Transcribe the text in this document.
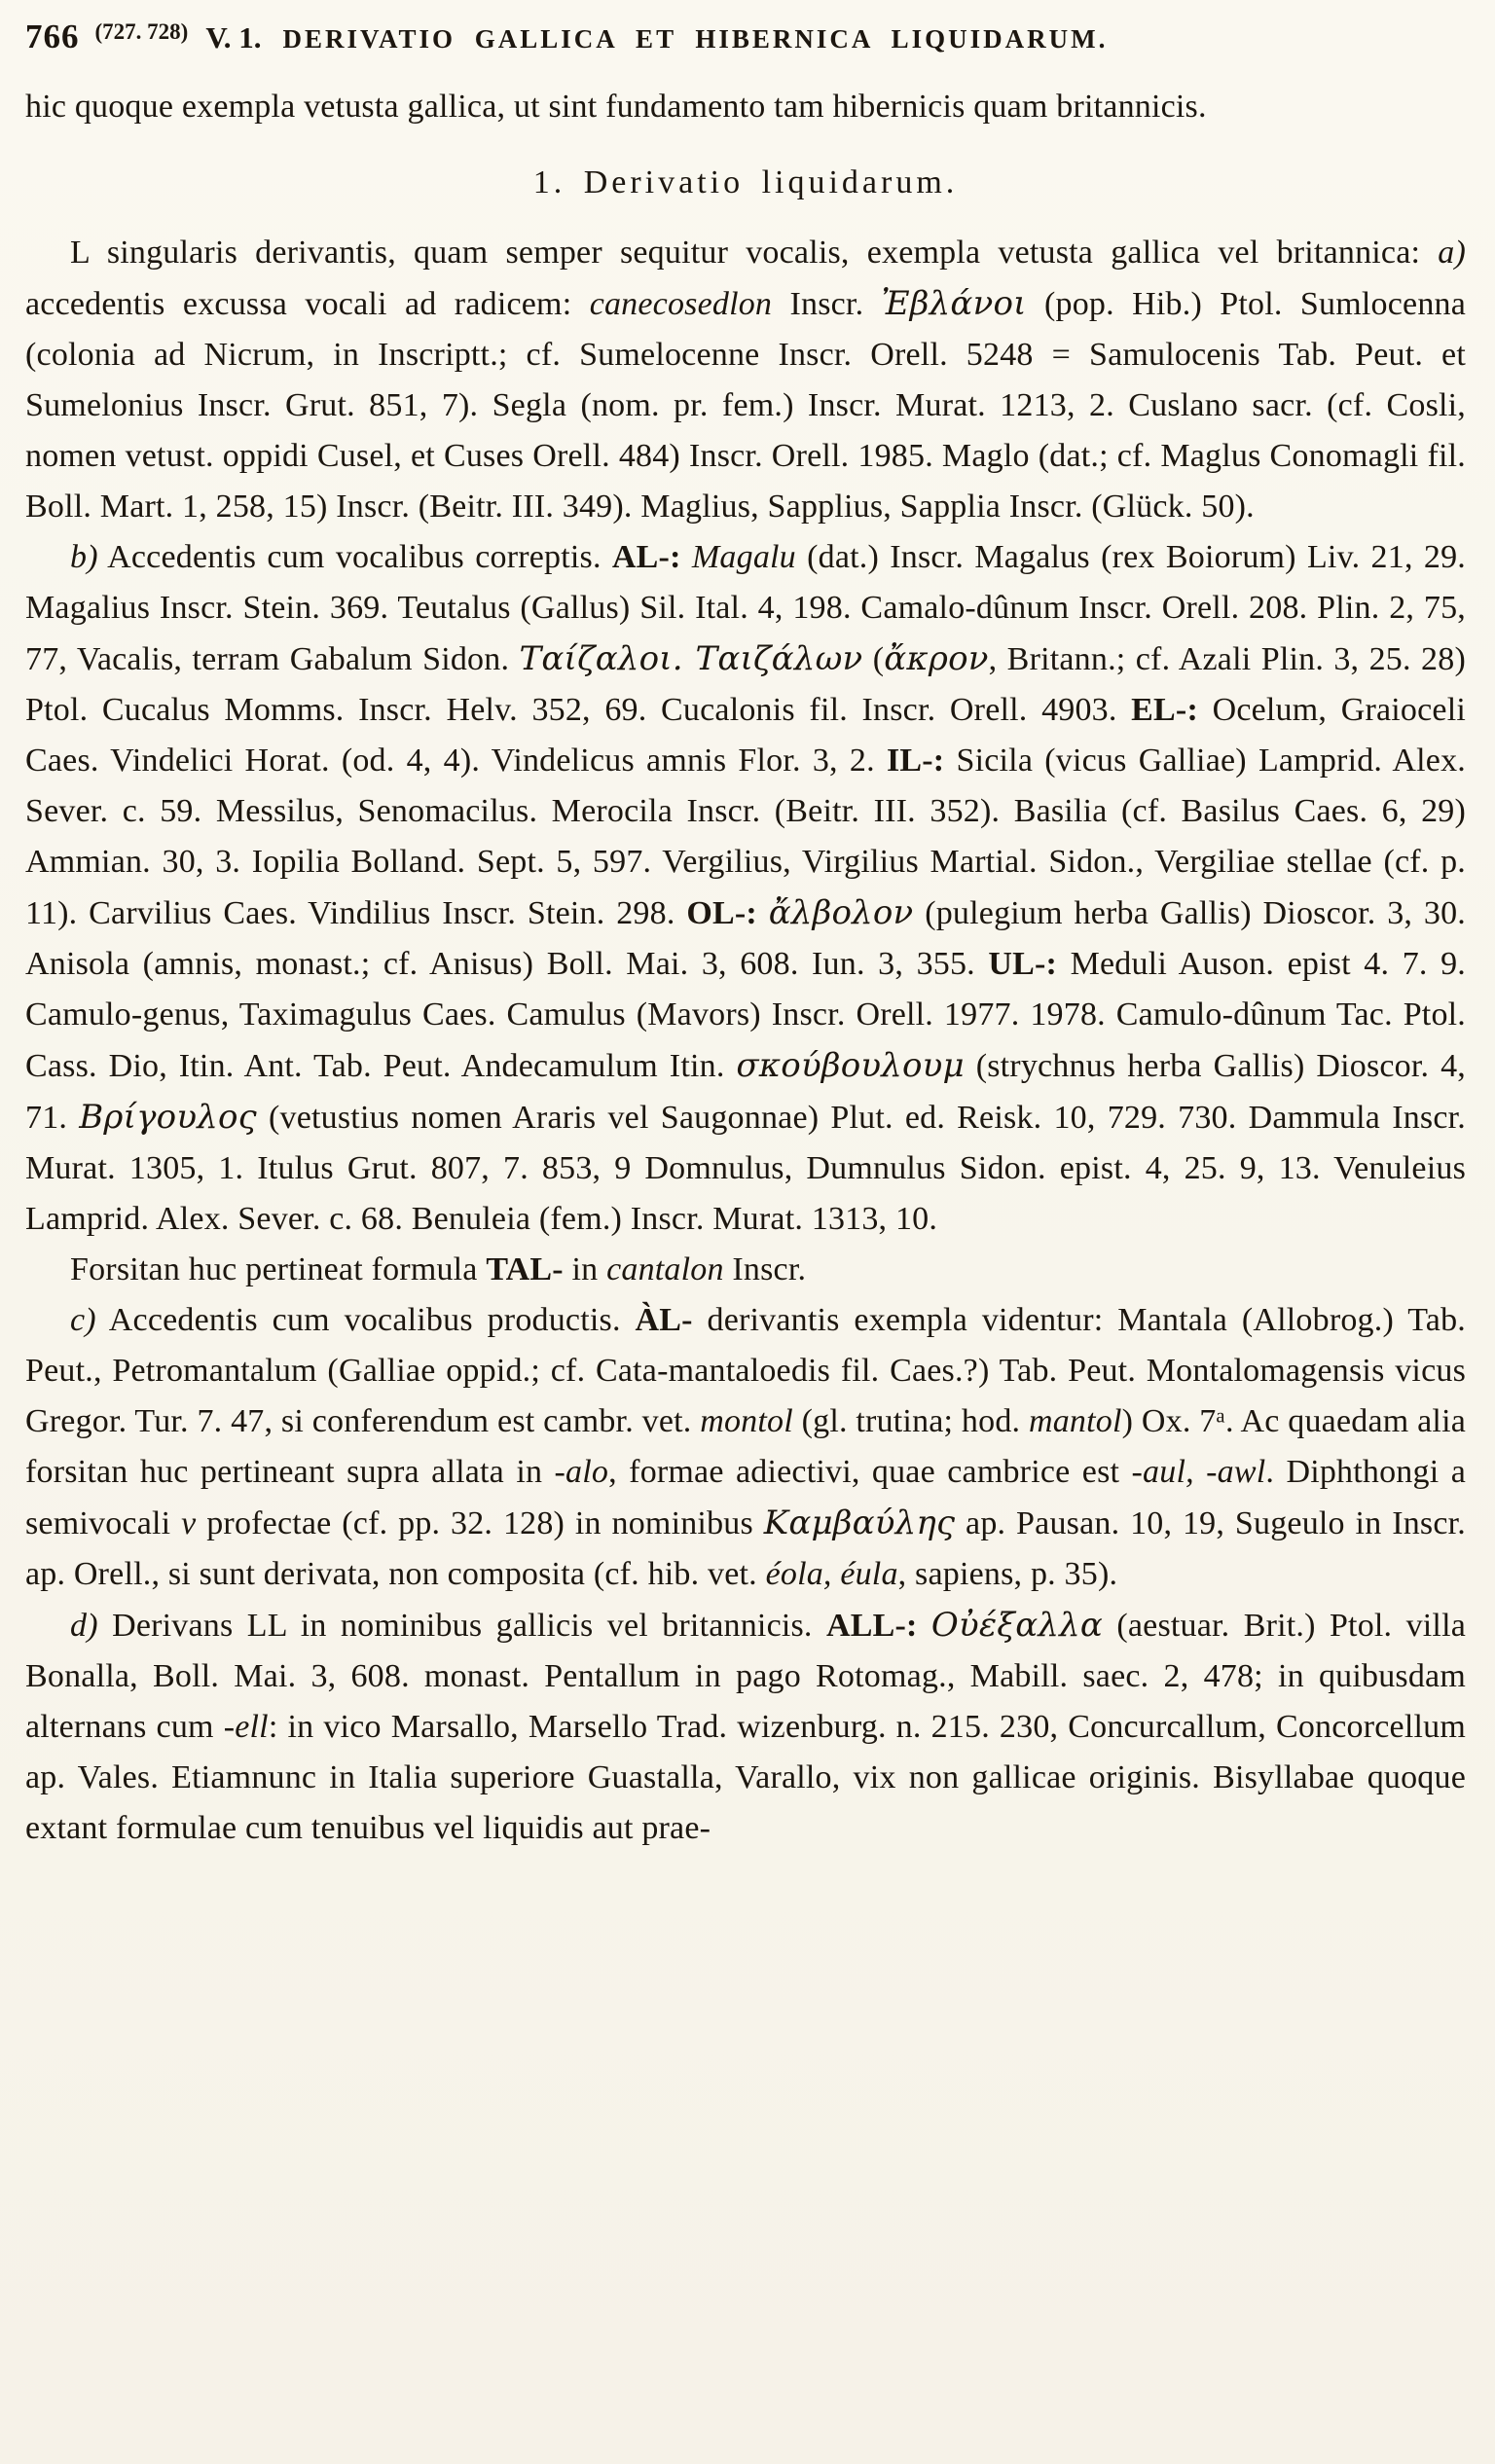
766 (727. 728) V. 1. DERIVATIO GALLICA ET HIBERNICA LIQUIDARUM.

hic quoque exempla vetusta gallica, ut sint fundamento tam hibernicis quam britannicis.

1. Derivatio liquidarum.

L singularis derivantis, quam semper sequitur vocalis, exempla vetusta gallica vel britannica: a) accedentis excussa vocali ad radicem: canecosedlon Inscr. Ἐβλάνοι (pop. Hib.) Ptol. Sumlocenna (colonia ad Nicrum, in Inscriptt.; cf. Sumelocenne Inscr. Orell. 5248 = Samulocenis Tab. Peut. et Sumelonius Inscr. Grut. 851, 7). Segla (nom. pr. fem.) Inscr. Murat. 1213, 2. Cuslano sacr. (cf. Cosli, nomen vetust. oppidi Cusel, et Cuses Orell. 484) Inscr. Orell. 1985. Maglo (dat.; cf. Maglus Conomagli fil. Boll. Mart. 1, 258, 15) Inscr. (Beitr. III. 349). Maglius, Sapplius, Sapplia Inscr. (Glück. 50).

b) Accedentis cum vocalibus correptis. AL-: Magalu (dat.) Inscr. Magalus (rex Boiorum) Liv. 21, 29. Magalius Inscr. Stein. 369. Teutalus (Gallus) Sil. Ital. 4, 198. Camalo-dûnum Inscr. Orell. 208. Plin. 2, 75, 77, Vacalis, terram Gabalum Sidon. Ταίζαλοι. Ταιζάλων (ἄκρον, Britann.; cf. Azali Plin. 3, 25. 28) Ptol. Cucalus Momms. Inscr. Helv. 352, 69. Cucalonis fil. Inscr. Orell. 4903. EL-: Ocelum, Graioceli Caes. Vindelici Horat. (od. 4, 4). Vindelicus amnis Flor. 3, 2. IL-: Sicila (vicus Galliae) Lamprid. Alex. Sever. c. 59. Messilus, Senomacilus. Merocila Inscr. (Beitr. III. 352). Basilia (cf. Basilus Caes. 6, 29) Ammian. 30, 3. Iopilia Bolland. Sept. 5, 597. Vergilius, Virgilius Martial. Sidon., Vergiliae stellae (cf. p. 11). Carvilius Caes. Vindilius Inscr. Stein. 298. OL-: ἄλβολον (pulegium herba Gallis) Dioscor. 3, 30. Anisola (amnis, monast.; cf. Anisus) Boll. Mai. 3, 608. Iun. 3, 355. UL-: Meduli Auson. epist 4. 7. 9. Camulo-genus, Taximagulus Caes. Camulus (Mavors) Inscr. Orell. 1977. 1978. Camulo-dûnum Tac. Ptol. Cass. Dio, Itin. Ant. Tab. Peut. Andecamulum Itin. σκούβουλουμ (strychnus herba Gallis) Dioscor. 4, 71. Βρίγουλος (vetustius nomen Araris vel Saugonnae) Plut. ed. Reisk. 10, 729. 730. Dammula Inscr. Murat. 1305, 1. Itulus Grut. 807, 7. 853, 9 Domnulus, Dumnulus Sidon. epist. 4, 25. 9, 13. Venuleius Lamprid. Alex. Sever. c. 68. Benuleia (fem.) Inscr. Murat. 1313, 10.

Forsitan huc pertineat formula TAL- in cantalon Inscr.

c) Accedentis cum vocalibus productis. ÀL- derivantis exempla videntur: Mantala (Allobrog.) Tab. Peut., Petromantalum (Galliae oppid.; cf. Cata-mantaloedis fil. Caes.?) Tab. Peut. Montalomagensis vicus Gregor. Tur. 7. 47, si conferendum est cambr. vet. montol (gl. trutina; hod. mantol) Ox. 7ᵃ. Ac quaedam alia forsitan huc pertineant supra allata in -alo, formae adiectivi, quae cambrice est -aul, -awl. Diphthongi a semivocali v profectae (cf. pp. 32. 128) in nominibus Καμβαύλης ap. Pausan. 10, 19, Sugeulo in Inscr. ap. Orell., si sunt derivata, non composita (cf. hib. vet. éola, éula, sapiens, p. 35).

d) Derivans LL in nominibus gallicis vel britannicis. ALL-: Οὐέξαλλα (aestuar. Brit.) Ptol. villa Bonalla, Boll. Mai. 3, 608. monast. Pentallum in pago Rotomag., Mabill. saec. 2, 478; in quibusdam alternans cum -ell: in vico Marsallo, Marsello Trad. wizenburg. n. 215. 230, Concurcallum, Concorcellum ap. Vales. Etiamnunc in Italia superiore Guastalla, Varallo, vix non gallicae originis. Bisyllabae quoque extant formulae cum tenuibus vel liquidis aut prae-
